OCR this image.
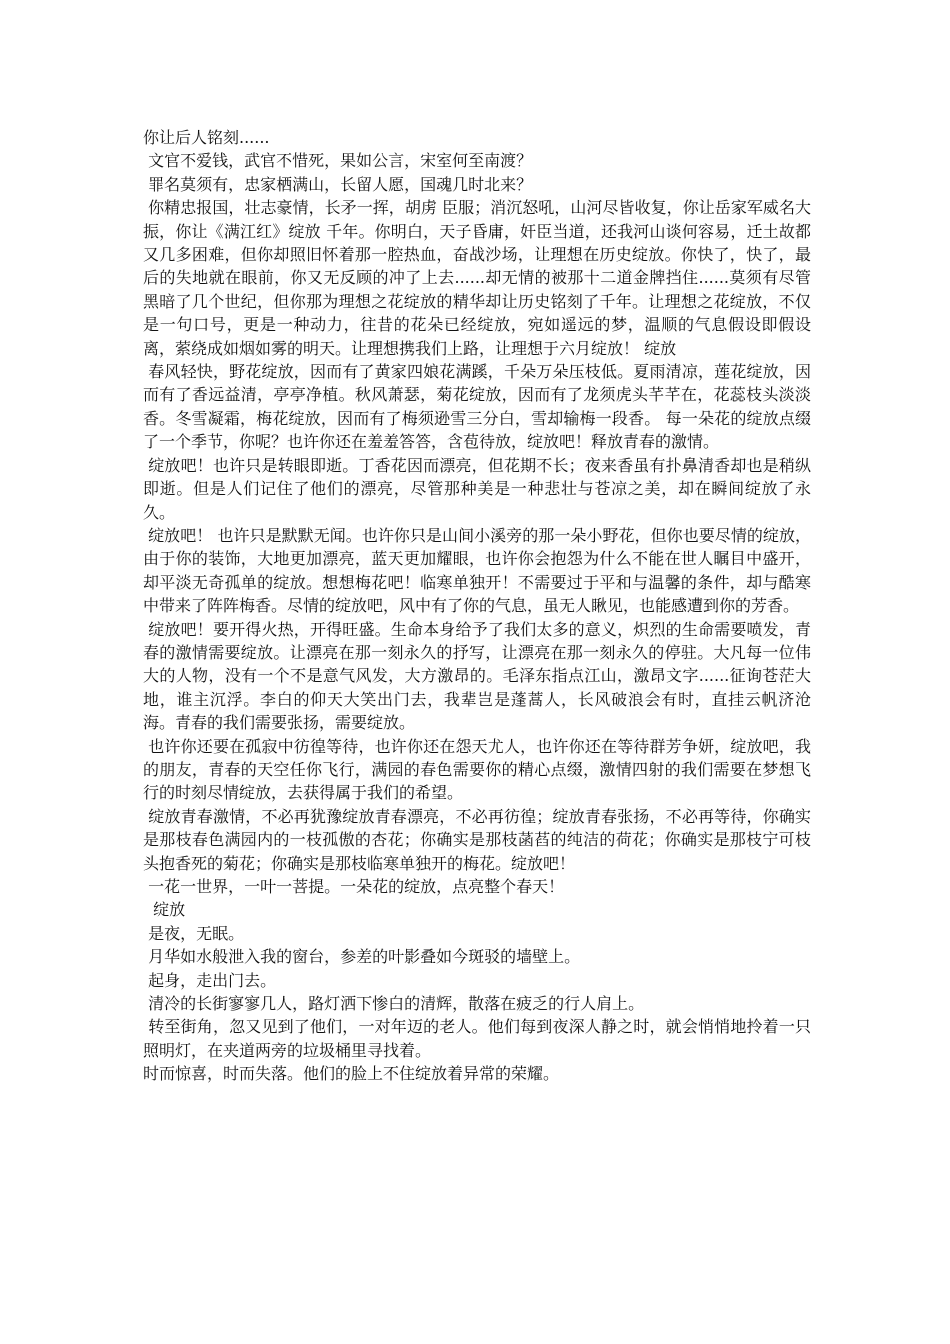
你让后人铭刻......

文官不爱钱，武官不惜死，果如公言，宋室何至南渡？

罪名莫须有，忠家栖满山，长留人愿，国魂几时北来？

你精忠报国，壮志豪情，长矛一挥，胡虏 臣服；消沉怒吼，山河尽皆收复，你让岳家军威名大振，你让《满江红》绽放 千年。你明白，天子昏庸，奸臣当道，还我河山谈何容易，迁土故都又几多困难，但你却照旧怀着那一腔热血，奋战沙场，让理想在历史绽放。你快了，快了，最后的失地就在眼前，你又无反顾的冲了上去......却无情的被那十二道金牌挡住......莫须有尽管黑暗了几个世纪，但你那为理想之花绽放的精华却让历史铭刻了千年。让理想之花绽放，不仅是一句口号，更是一种动力，往昔的花朵已经绽放，宛如遥远的梦，温顺的气息假设即假设离，萦绕成如烟如雾的明天。让理想携我们上路，让理想于六月绽放！ 绽放

春风轻快，野花绽放，因而有了黄家四娘花满蹊，千朵万朵压枝低。夏雨清凉，莲花绽放，因而有了香远益清，亭亭净植。秋风萧瑟，菊花绽放，因而有了龙须虎头芊芊在，花蕊枝头淡淡香。冬雪凝霜，梅花绽放，因而有了梅须逊雪三分白，雪却输梅一段香。 每一朵花的绽放点缀了一个季节，你呢？也许你还在羞羞答答，含苞待放，绽放吧！释放青春的激情。

绽放吧！也许只是转眼即逝。丁香花因而漂亮，但花期不长；夜来香虽有扑鼻清香却也是稍纵即逝。但是人们记住了他们的漂亮，尽管那种美是一种悲壮与苍凉之美，却在瞬间绽放了永久。

绽放吧！ 也许只是默默无闻。也许你只是山间小溪旁的那一朵小野花，但你也要尽情的绽放，由于你的装饰，大地更加漂亮，蓝天更加耀眼，也许你会抱怨为什么不能在世人瞩目中盛开，却平淡无奇孤单的绽放。想想梅花吧！临寒单独开！不需要过于平和与温馨的条件，却与酷寒中带来了阵阵梅香。尽情的绽放吧，风中有了你的气息，虽无人瞅见，也能感遭到你的芳香。

绽放吧！要开得火热，开得旺盛。生命本身给予了我们太多的意义，炽烈的生命需要喷发，青春的激情需要绽放。让漂亮在那一刻永久的抒写，让漂亮在那一刻永久的停驻。大凡每一位伟大的人物，没有一个不是意气风发，大方激昂的。毛泽东指点江山，激昂文字......征询苍茫大地，谁主沉浮。李白的仰天大笑出门去，我辈岂是蓬蒿人，长风破浪会有时，直挂云帆济沧海。青春的我们需要张扬，需要绽放。

也许你还要在孤寂中彷徨等待，也许你还在怨天尤人，也许你还在等待群芳争妍，绽放吧，我的朋友，青春的天空任你飞行，满园的春色需要你的精心点缀，激情四射的我们需要在梦想飞行的时刻尽情绽放，去获得属于我们的希望。

绽放青春激情，不必再犹豫绽放青春漂亮，不必再彷徨；绽放青春张扬，不必再等待，你确实是那枝春色满园内的一枝孤傲的杏花；你确实是那枝菡萏的纯洁的荷花；你确实是那枝宁可枝头抱香死的菊花；你确实是那枝临寒单独开的梅花。绽放吧！

一花一世界，一叶一菩提。一朵花的绽放，点亮整个春天！

绽放

是夜，无眠。

月华如水般泄入我的窗台，参差的叶影叠如今斑驳的墙壁上。

起身，走出门去。

清冷的长街寥寥几人，路灯洒下惨白的清辉，散落在疲乏的行人肩上。

转至街角，忽又见到了他们，一对年迈的老人。他们每到夜深人静之时，就会悄悄地拎着一只照明灯，在夹道两旁的垃圾桶里寻找着。

时而惊喜，时而失落。他们的脸上不住绽放着异常的荣耀。
